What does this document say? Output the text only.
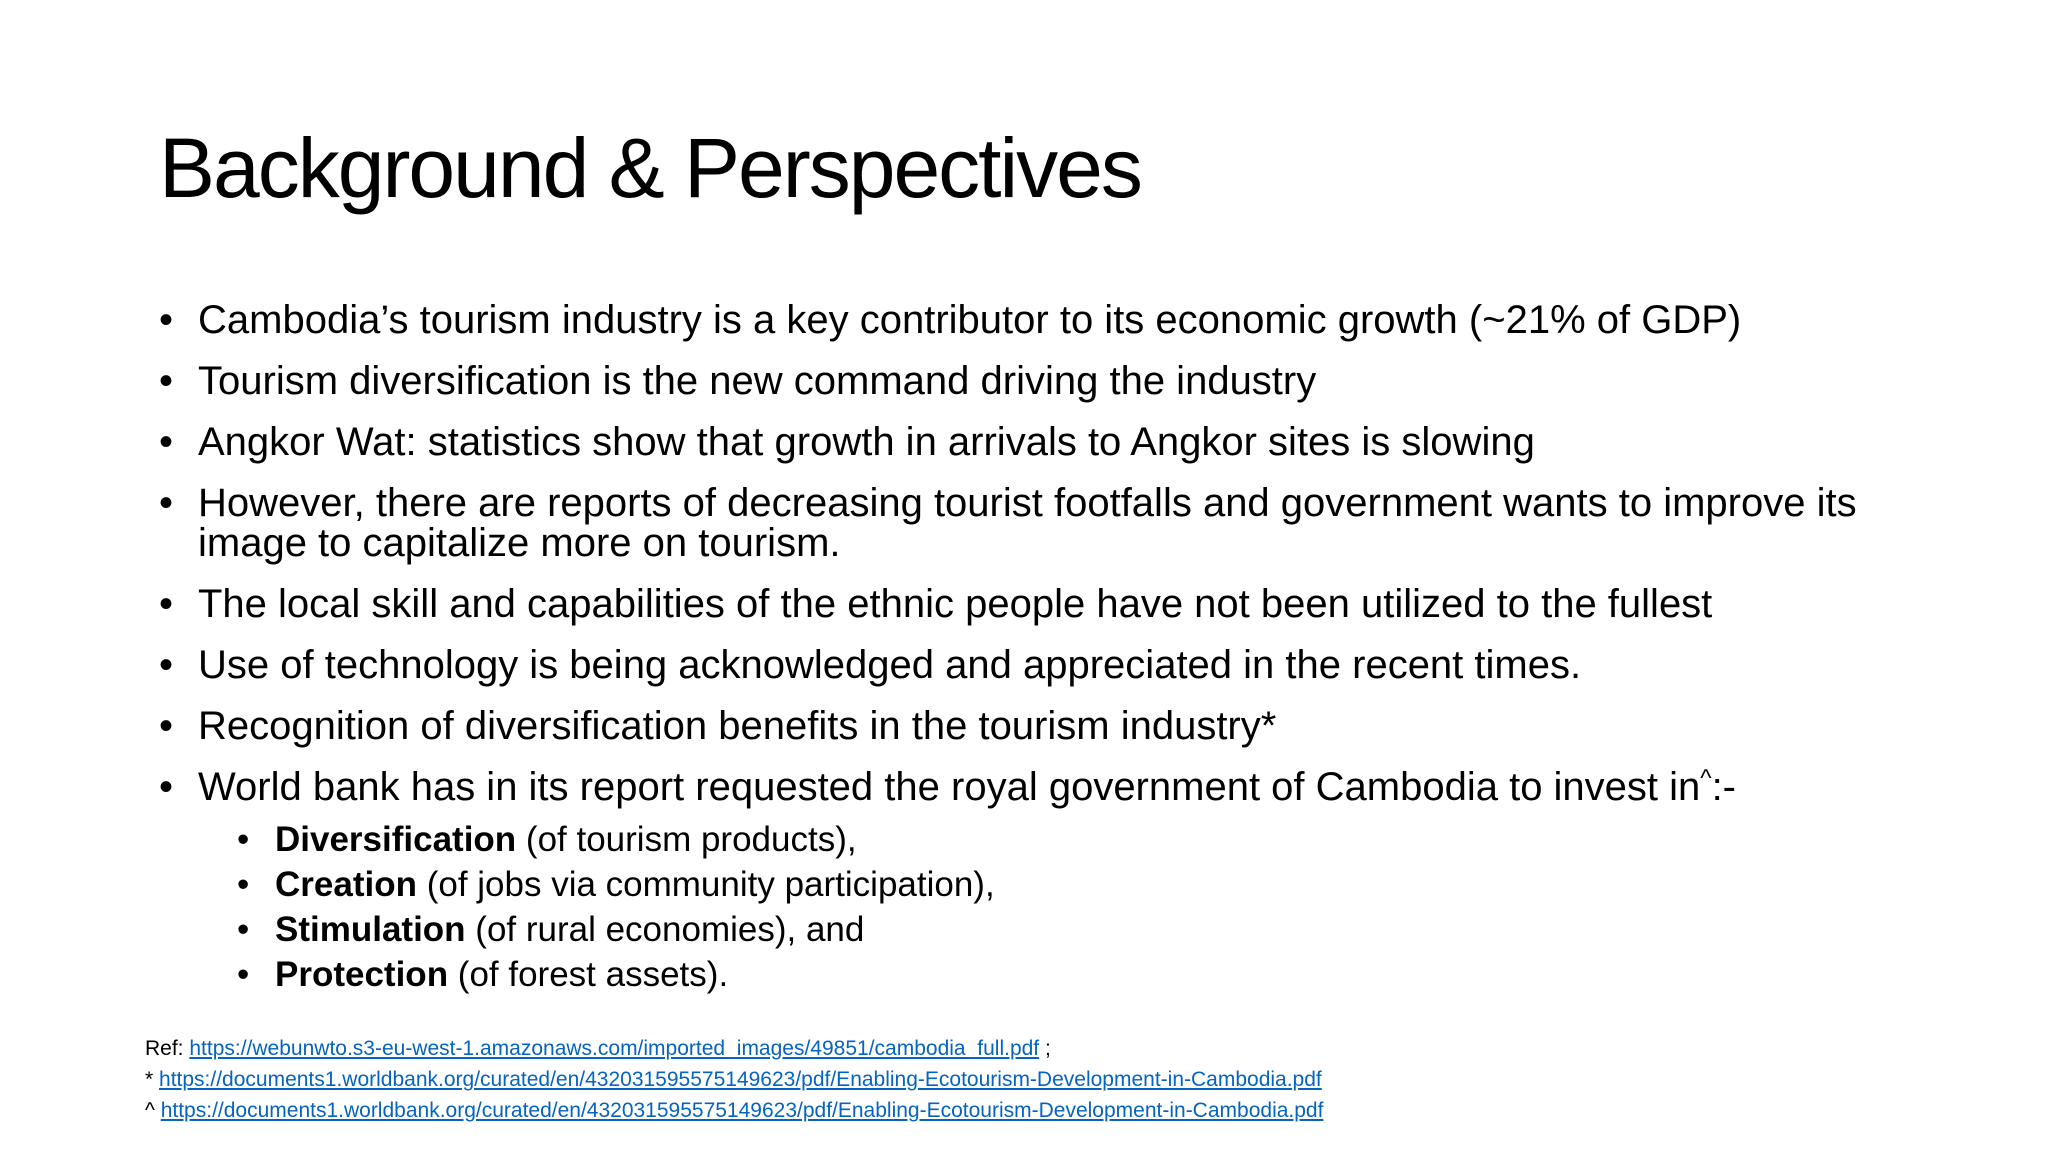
Background & Perspectives
• Cambodia’s tourism industry is a key contributor to its economic growth (~21% of GDP)
• Tourism diversification is the new command driving the industry
• Angkor Wat: statistics show that growth in arrivals to Angkor sites is slowing
• However, there are reports of decreasing tourist footfalls and government wants to improve its image to capitalize more on tourism.
• The local skill and capabilities of the ethnic people have not been utilized to the fullest
• Use of technology is being acknowledged and appreciated in the recent times.
• Recognition of diversification benefits in the tourism industry*
• World bank has in its report requested the royal government of Cambodia to invest in^:-
• Diversification (of tourism products),
• Creation (of jobs via community participation),
• Stimulation (of rural economies), and
• Protection (of forest assets).
Ref: https://webunwto.s3-eu-west-1.amazonaws.com/imported_images/49851/cambodia_full.pdf ;
* https://documents1.worldbank.org/curated/en/432031595575149623/pdf/Enabling-Ecotourism-Development-in-Cambodia.pdf
^ https://documents1.worldbank.org/curated/en/432031595575149623/pdf/Enabling-Ecotourism-Development-in-Cambodia.pdf
